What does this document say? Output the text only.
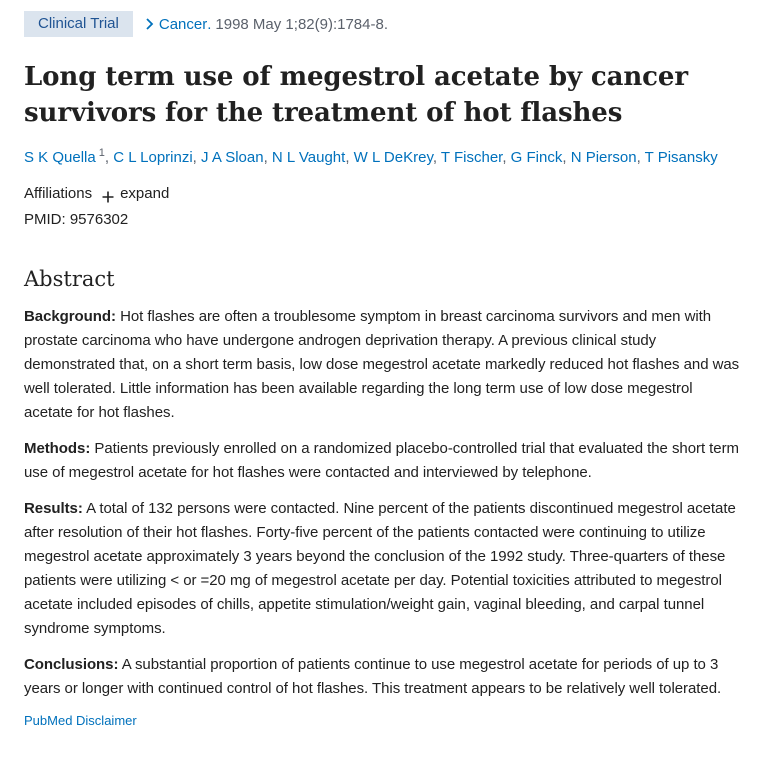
Clinical Trial	Cancer . 1998 May 1;82(9):1784-8.
Long term use of megestrol acetate by cancer
survivors for the treatment of hot flashes
S K Quella $^1$, C L Loprinzi, J A Sloan, N L Vaught, W L DeKrey, T Fischer, G Finck, N Pierson, T Pisansky
Affiliations expand
PMID: 9576302
Abstract

Background: Hot flashes are often a troublesome symptom in breast carcinoma survivors and men with prostate carcinoma who have undergone androgen deprivation therapy. A previous clinical study demonstrated that, on a short term basis, low dose megestrol acetate markedly reduced hot flashes and was well tolerated. Little information has been available regarding the long term use of low dose megestrol acetate for hot flashes.

Methods: Patients previously enrolled on a randomized placebo-controlled trial that evaluated the short term use of megestrol acetate for hot flashes were contacted and interviewed by telephone.

Results: A total of 132 persons were contacted. Nine percent of the patients discontinued megestrol acetate after resolution of their hot flashes. Forty-five percent of the patients contacted were continuing to utilize megestrol acetate approximately 3 years beyond the conclusion of the 1992 study. Three-quarters of these patients were utilizing < or =20 mg of megestrol acetate per day. Potential toxicities attributed to megestrol acetate included episodes of chills, appetite stimulation/weight gain, vaginal bleeding, and carpal tunnel syndrome symptoms.

Conclusions: A substantial proportion of patients continue to use megestrol acetate for periods of up to 3 years or longer with continued control of hot flashes. This treatment appears to be relatively well tolerated.

PubMed Disclaimer
